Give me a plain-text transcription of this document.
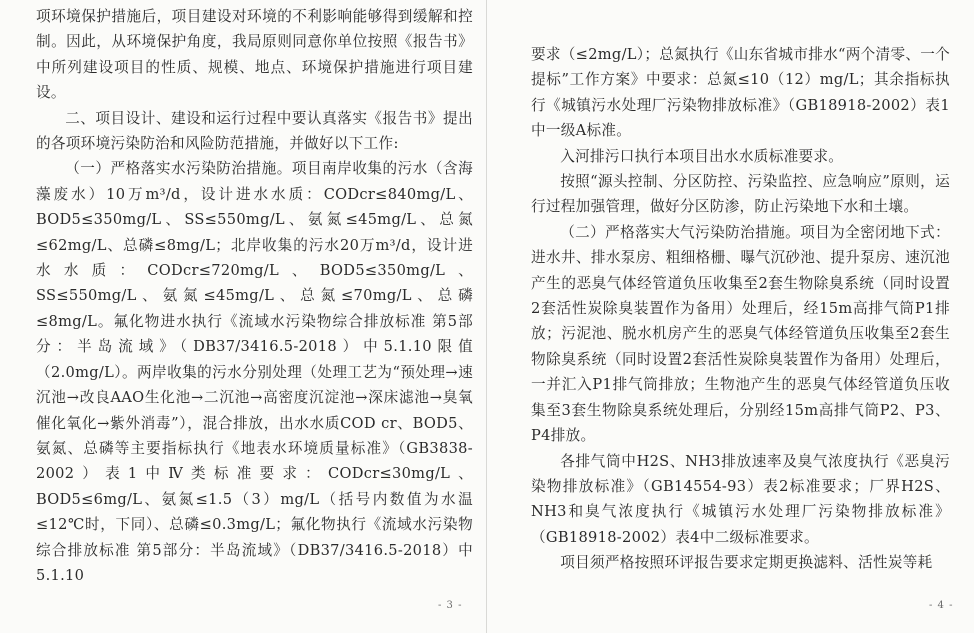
项环境保护措施后，项目建设对环境的不利影响能够得到缓解和控制。因此，从环境保护角度，我局原则同意你单位按照《报告书》中所列建设项目的性质、规模、地点、环境保护措施进行项目建设。

二、项目设计、建设和运行过程中要认真落实《报告书》提出的各项环境污染防治和风险防范措施，并做好以下工作:

（一）严格落实水污染防治措施。项目南岸收集的污水（含海藻废水）10万m³/d，设计进水水质：CODcr≤840mg/L、BOD5≤350mg/L、SS≤550mg/L、氨氮≤45mg/L、总氮≤62mg/L、总磷≤8mg/L；北岸收集的污水20万m³/d，设计进水水质：CODcr≤720mg/L、BOD5≤350mg/L、SS≤550mg/L、氨氮≤45mg/L、总氮≤70mg/L、总磷≤8mg/L。氟化物进水执行《流域水污染物综合排放标准 第5部分：半岛流域》（DB37/3416.5-2018）中5.1.10限值（2.0mg/L）。两岸收集的污水分别处理（处理工艺为“预处理→速沉池→改良AAO生化池→二沉池→高密度沉淀池→深床滤池→臭氧催化氧化→紫外消毒”），混合排放，出水水质COD cr、BOD5、氨氮、总磷等主要指标执行《地表水环境质量标准》（GB3838-2002）表1中Ⅳ类标准要求：CODcr≤30mg/L、BOD5≤6mg/L、氨氮≤1.5（3）mg/L（括号内数值为水温≤12℃时，下同）、总磷≤0.3mg/L；氟化物执行《流域水污染物综合排放标准 第5部分：半岛流域》（DB37/3416.5-2018）中5.1.10

- 3 -

要求（≤2mg/L）；总氮执行《山东省城市排水“两个清零、一个提标”工作方案》中要求：总氮≤10（12）mg/L；其余指标执行《城镇污水处理厂污染物排放标准》（GB18918-2002）表1中一级A标准。

入河排污口执行本项目出水水质标准要求。

按照“源头控制、分区防控、污染监控、应急响应”原则，运行过程加强管理，做好分区防渗，防止污染地下水和土壤。

（二）严格落实大气污染防治措施。项目为全密闭地下式：进水井、排水泵房、粗细格栅、曝气沉砂池、提升泵房、速沉池产生的恶臭气体经管道负压收集至2套生物除臭系统（同时设置2套活性炭除臭装置作为备用）处理后，经15m高排气筒P1排放；污泥池、脱水机房产生的恶臭气体经管道负压收集至2套生物除臭系统（同时设置2套活性炭除臭装置作为备用）处理后，一并汇入P1排气筒排放；生物池产生的恶臭气体经管道负压收集至3套生物除臭系统处理后，分别经15m高排气筒P2、P3、P4排放。

各排气筒中H2S、NH3排放速率及臭气浓度执行《恶臭污染物排放标准》（GB14554-93）表2标准要求；厂界H2S、NH3和臭气浓度执行《城镇污水处理厂污染物排放标准》（GB18918-2002）表4中二级标准要求。

项目须严格按照环评报告要求定期更换滤料、活性炭等耗

- 4 -
